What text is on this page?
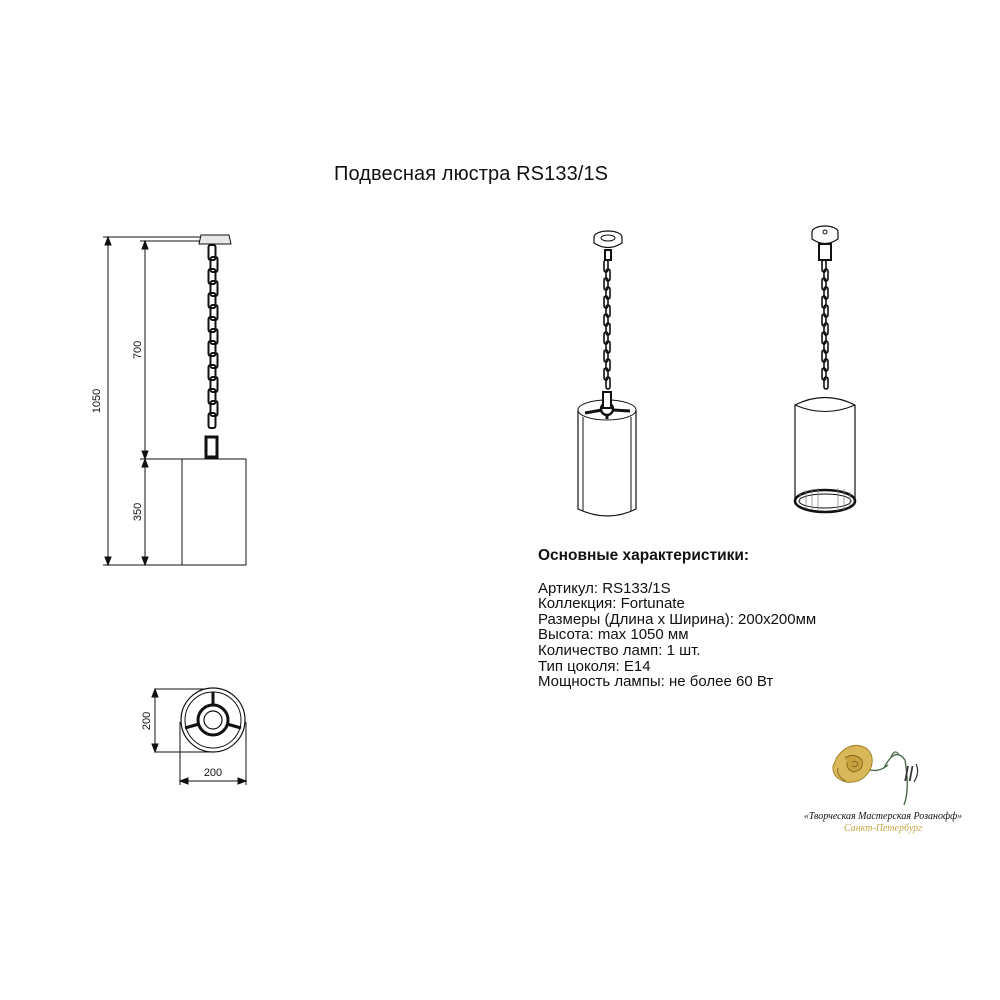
Подвесная люстра RS133/1S
1050
700
350
200
200	ll
Основные характеристики:
Артикул: RS133/1S
Коллекция: Fortunate
Размеры (Длина х Ширина): 200х200мм
Высота: max 1050 мм
Количество ламп: 1 шт.
Тип цоколя: E14
Мощность лампы: не более 60 Вт
«Творческая Мастерская Розанофф»
Санкт-Петербург
